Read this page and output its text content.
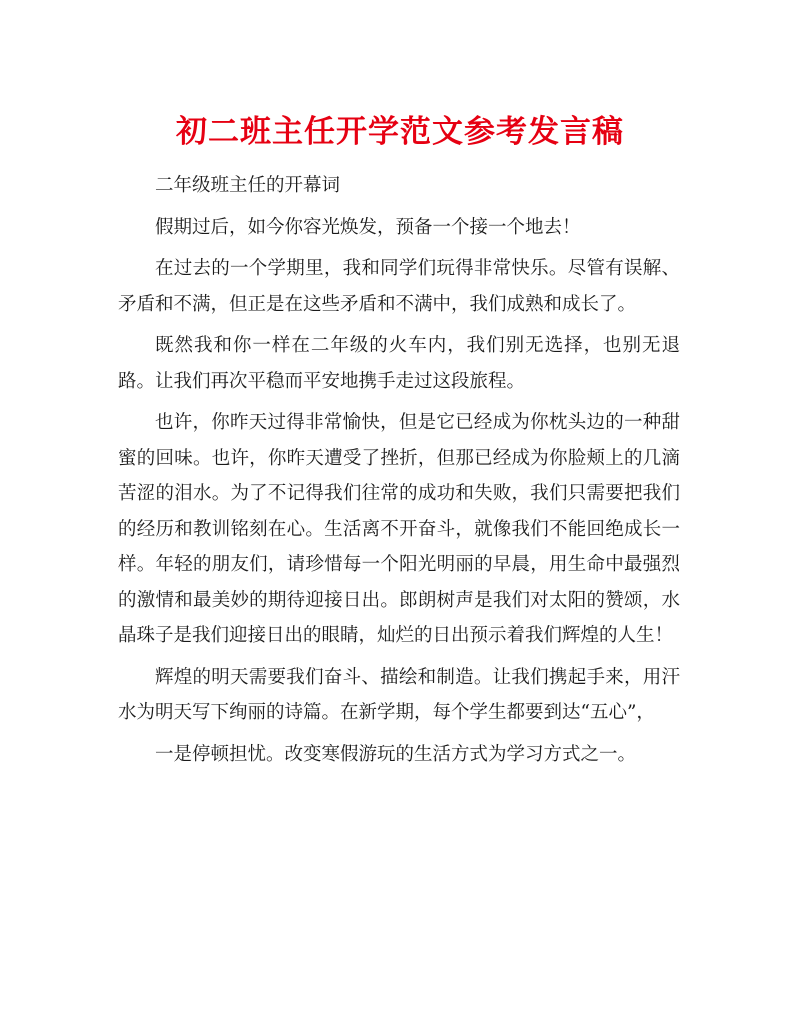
初二班主任开学范文参考发言稿

二年级班主任的开幕词

假期过后，如今你容光焕发，预备一个接一个地去！

在过去的一个学期里，我和同学们玩得非常快乐。尽管有误解、矛盾和不满，但正是在这些矛盾和不满中，我们成熟和成长了。

既然我和你一样在二年级的火车内，我们别无选择，也别无退路。让我们再次平稳而平安地携手走过这段旅程。

也许，你昨天过得非常愉快，但是它已经成为你枕头边的一种甜蜜的回味。也许，你昨天遭受了挫折，但那已经成为你脸颊上的几滴苦涩的泪水。为了不记得我们往常的成功和失败，我们只需要把我们的经历和教训铭刻在心。生活离不开奋斗，就像我们不能回绝成长一样。年轻的朋友们，请珍惜每一个阳光明丽的早晨，用生命中最强烈的激情和最美妙的期待迎接日出。郎朗树声是我们对太阳的赞颂，水晶珠子是我们迎接日出的眼睛，灿烂的日出预示着我们辉煌的人生！

辉煌的明天需要我们奋斗、描绘和制造。让我们携起手来，用汗水为明天写下绚丽的诗篇。在新学期，每个学生都要到达“五心”，

一是停顿担忧。改变寒假游玩的生活方式为学习方式之一。
